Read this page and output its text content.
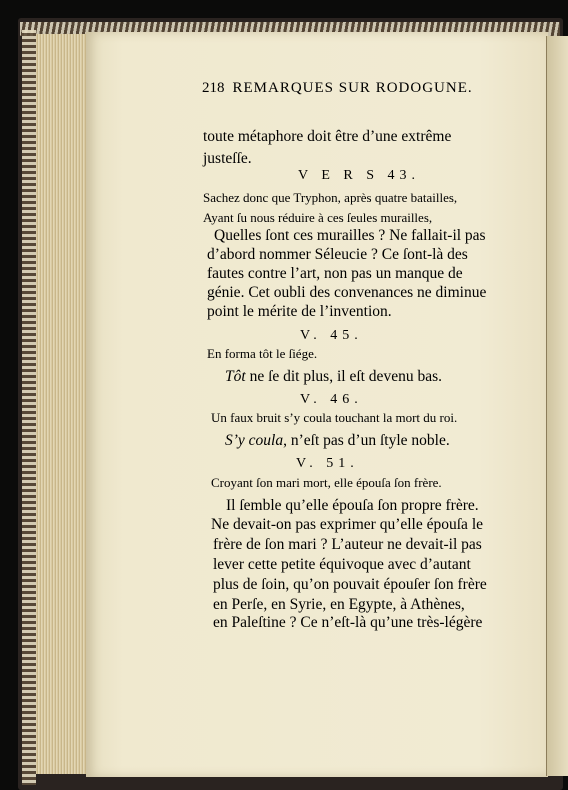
218 REMARQUES SUR RODOGUNE.
toute métaphore doit être d’une extrême
justeſſe.
V E R S 43.
Sachez donc que Tryphon, après quatre batailles,
Ayant ſu nous réduire à ces ſeules murailles,
Quelles ſont ces murailles ? Ne fallait-il pas
d’abord nommer Séleucie ? Ce ſont-là des
fautes contre l’art, non pas un manque de
génie. Cet oubli des convenances ne diminue
point le mérite de l’invention.
V. 45.
En forma tôt le ſiége.
Tôt ne ſe dit plus, il eſt devenu bas.
V. 46.
Un faux bruit s’y coula touchant la mort du roi.
S’y coula, n’eſt pas d’un ſtyle noble.
V. 51.
Croyant ſon mari mort, elle épouſa ſon frère.
Il ſemble qu’elle épouſa ſon propre frère.
Ne devait-on pas exprimer qu’elle épouſa le
frère de ſon mari ? L’auteur ne devait-il pas
lever cette petite équivoque avec d’autant
plus de ſoin, qu’on pouvait épouſer ſon frère
en Perſe, en Syrie, en Egypte, à Athènes,
en Paleſtine ? Ce n’eſt-là qu’une très-légère
